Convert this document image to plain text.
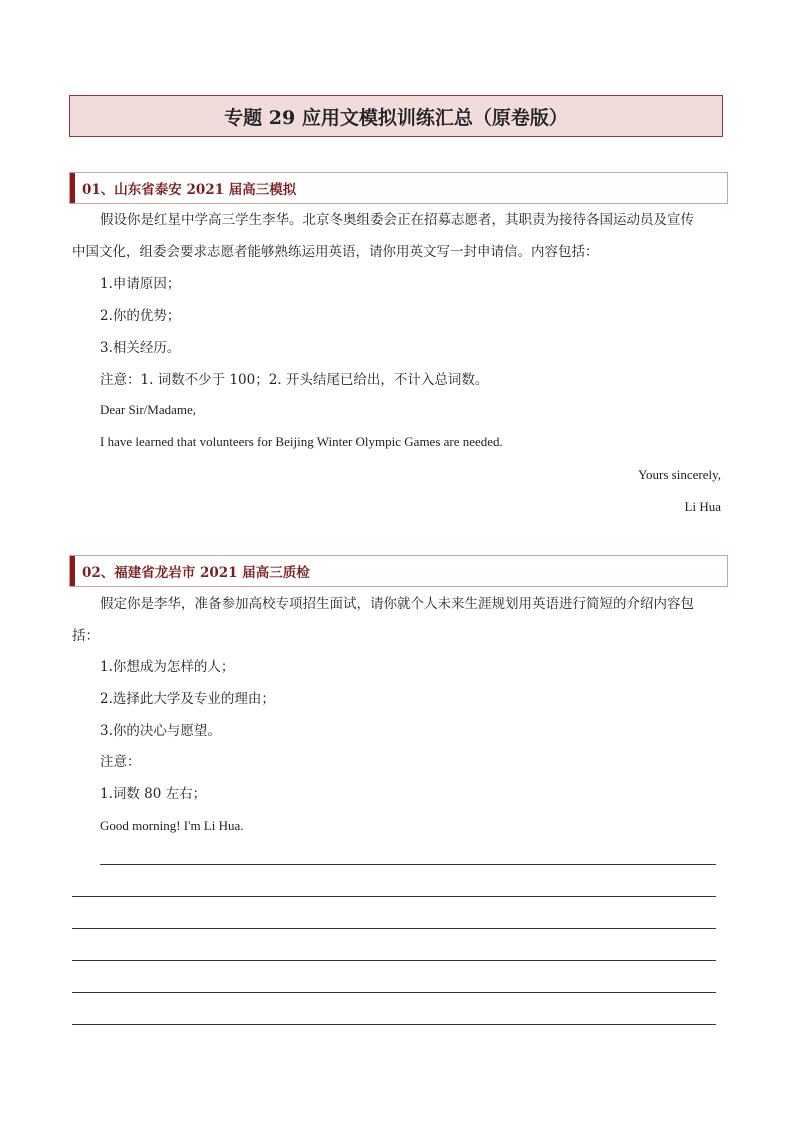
专题 29 应用文模拟训练汇总（原卷版）
01、山东省泰安 2021 届高三模拟
假设你是红星中学高三学生李华。北京冬奥组委会正在招募志愿者，其职责为接待各国运动员及宣传
中国文化，组委会要求志愿者能够熟练运用英语，请你用英文写一封申请信。内容包括：
1.申请原因；
2.你的优势；
3.相关经历。
注意：1. 词数不少于 100；2. 开头结尾已给出，不计入总词数。
Dear Sir/Madame,
I have learned that volunteers for Beijing Winter Olympic Games are needed.
Yours sincerely,
Li Hua
02、福建省龙岩市 2021 届高三质检
假定你是李华，准备参加高校专项招生面试，请你就个人未来生涯规划用英语进行简短的介绍内容包
括：
1.你想成为怎样的人；
2.选择此大学及专业的理由；
3.你的决心与愿望。
注意：
1.词数 80 左右；
Good morning! I'm Li Hua.
